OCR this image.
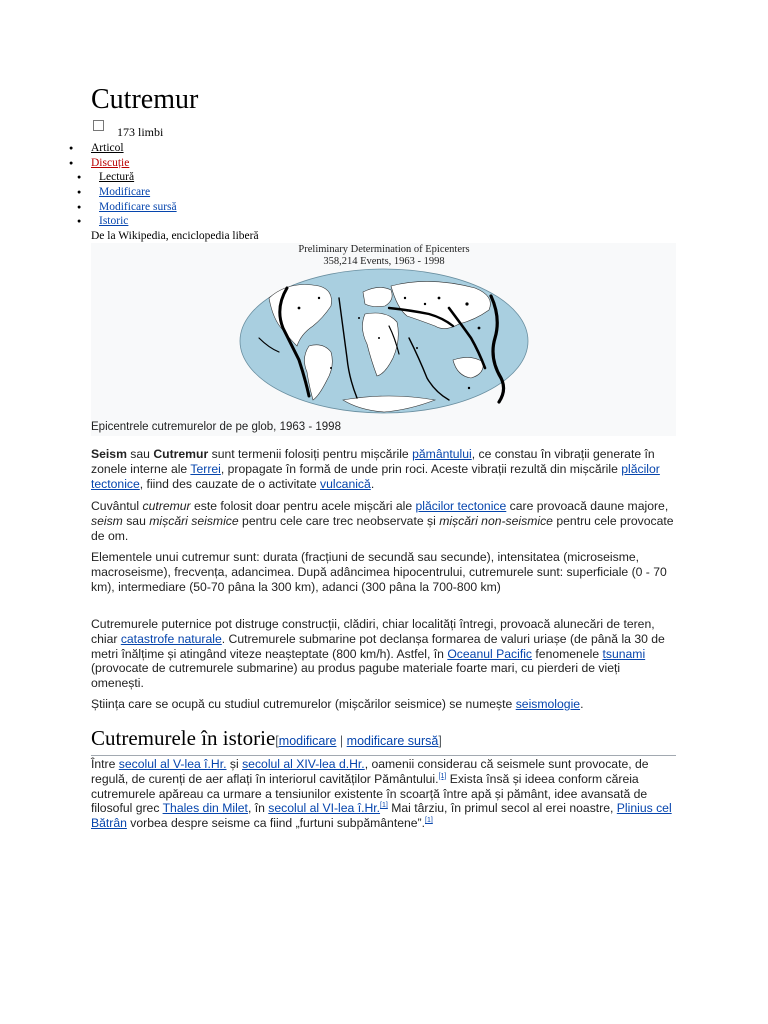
Cutremur
173 limbi
● Articol
● Discuție
● Lectură
● Modificare
● Modificare sursă
● Istoric
De la Wikipedia, enciclopedia liberă
Preliminary Determination of Epicenters
358,214 Events, 1963 - 1998
Epicentrele cutremurelor de pe glob, 1963 - 1998

Seism sau Cutremur sunt termenii folosiți pentru mișcările pământului, ce constau în vibrații generate în zonele interne ale Terrei, propagate în formă de unde prin roci. Aceste vibrații rezultă din mișcările plăcilor tectonice, fiind des cauzate de o activitate vulcanică.

Cuvântul cutremur este folosit doar pentru acele mișcări ale plăcilor tectonice care provoacă daune majore, seism sau mișcări seismice pentru cele care trec neobservate și mișcări non-seismice pentru cele provocate de om.

Elementele unui cutremur sunt: durata (fracțiuni de secundă sau secunde), intensitatea (microseisme, macroseisme), frecvența, adancimea. După adâncimea hipocentrului, cutremurele sunt: superficiale (0 - 70 km), intermediare (50-70 pâna la 300 km), adanci (300 pâna la 700-800 km)

Cutremurele puternice pot distruge construcții, clădiri, chiar localități întregi, provoacă alunecări de teren, chiar catastrofe naturale. Cutremurele submarine pot declanșa formarea de valuri uriașe (de până la 30 de metri înălțime și atingând viteze neașteptate (800 km/h). Astfel, în Oceanul Pacific fenomenele tsunami (provocate de cutremurele submarine) au produs pagube materiale foarte mari, cu pierderi de vieți omenești.

Știința care se ocupă cu studiul cutremurelor (mișcărilor seismice) se numește seismologie.

Cutremurele în istorie[modificare | modificare sursă]

Între secolul al V-lea î.Hr. și secolul al XIV-lea d.Hr., oamenii considerau că seismele sunt provocate, de regulă, de curenți de aer aflați în interiorul cavităților Pământului.[1] Exista însă și ideea conform căreia cutremurele apăreau ca urmare a tensiunilor existente în scoarță între apă și pământ, idee avansată de filosoful grec Thales din Milet, în secolul al VI-lea î.Hr.[1] Mai târziu, în primul secol al erei noastre, Plinius cel Bătrân vorbea despre seisme ca fiind „furtuni subpământene”.[1]
